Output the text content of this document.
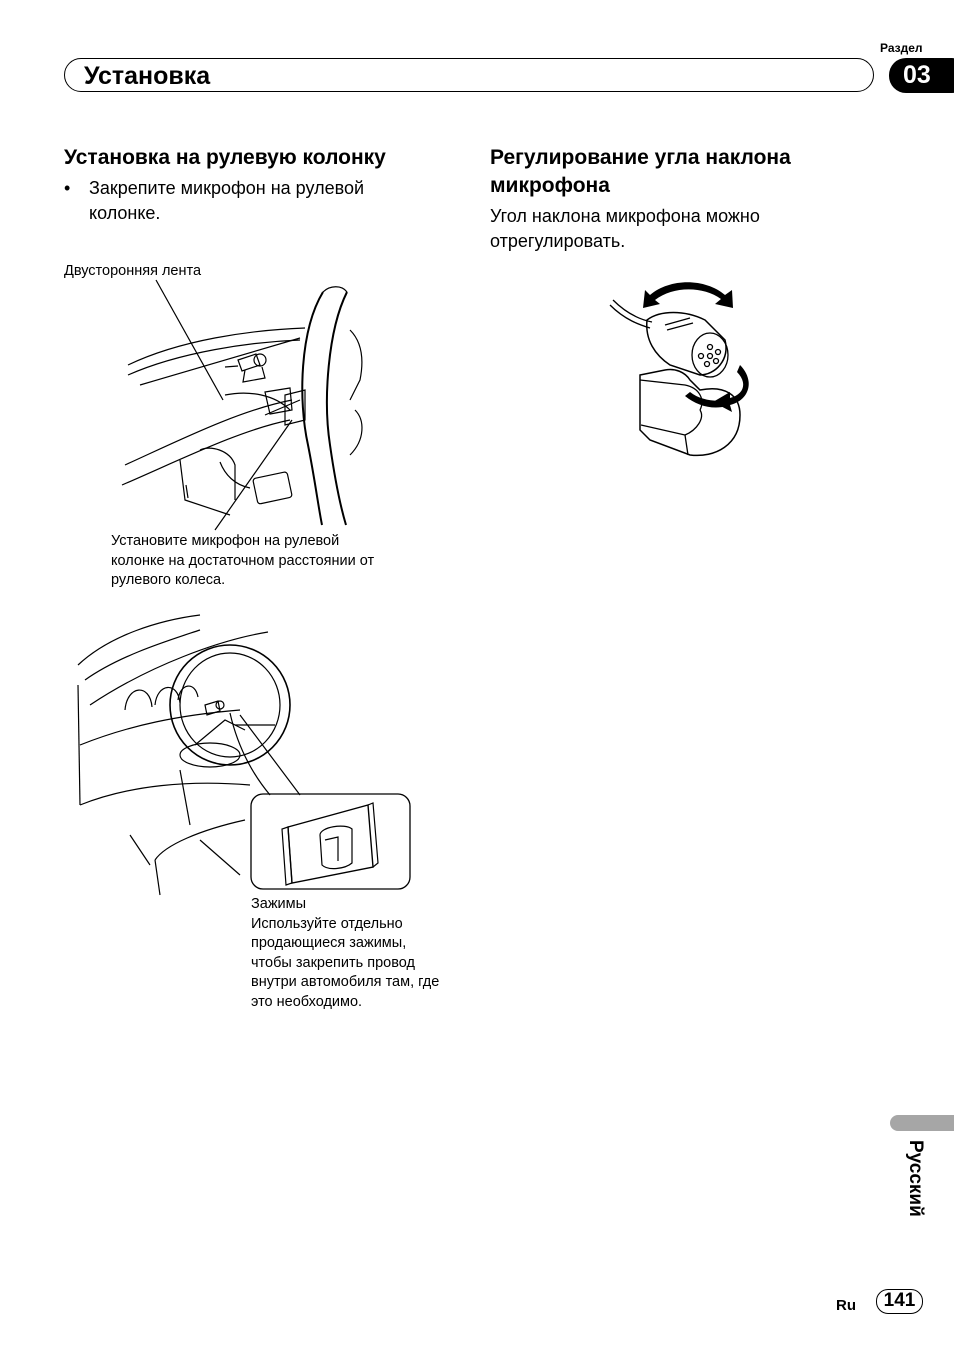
Раздел
Установка	03
Установка на рулевую колонку
• Закрепите микрофон на рулевой колонке.
Двусторонняя лента
Установите микрофон на рулевой колонке на достаточном расстоянии от рулевого колеса.
Зажимы
Используйте отдельно продающиеся зажимы, чтобы закрепить провод внутри автомобиля там, где это необходимо.
Регулирование угла наклона микрофона
Угол наклона микрофона можно отрегулировать.
Русский
Ru	141
